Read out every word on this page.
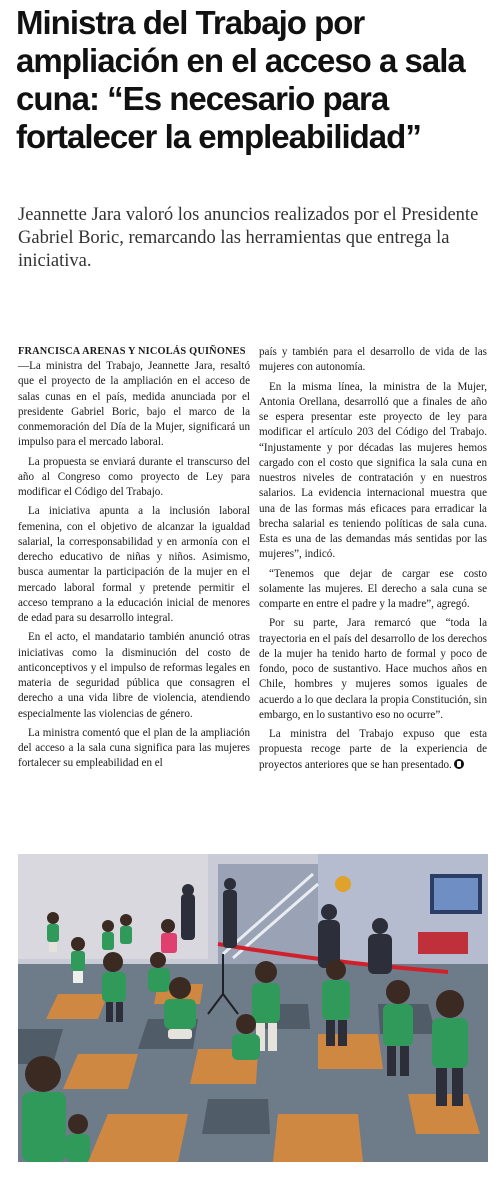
Ministra del Trabajo por ampliación en el acceso a sala cuna: “Es necesario para fortalecer la empleabilidad”

Jeannette Jara valoró los anuncios realizados por el Presidente Gabriel Boric, remarcando las herramientas que entrega la iniciativa.

FRANCISCA ARENAS Y NICOLÁS QUIÑONES

—La ministra del Trabajo, Jeannette Jara, resaltó que el proyecto de la ampliación en el acceso de salas cunas en el país, medida anunciada por el presidente Gabriel Boric, bajo el marco de la conmemoración del Día de la Mujer, significará un impulso para el mercado laboral.

La propuesta se enviará durante el transcurso del año al Congreso como proyecto de Ley para modificar el Código del Trabajo.

La iniciativa apunta a la inclusión laboral femenina, con el objetivo de alcanzar la igualdad salarial, la corresponsabilidad y en armonía con el derecho educativo de niñas y niños. Asimismo, busca aumentar la participación de la mujer en el mercado laboral formal y pretende permitir el acceso temprano a la educación inicial de menores de edad para su desarrollo integral.

En el acto, el mandatario también anunció otras iniciativas como la disminución del costo de anticonceptivos y el impulso de reformas legales en materia de seguridad pública que consagren el derecho a una vida libre de violencia, atendiendo especialmente las violencias de género.

La ministra comentó que el plan de la ampliación del acceso a la sala cuna significa para las mujeres fortalecer su empleabilidad en el

país y también para el desarrollo de vida de las mujeres con autonomía.

En la misma línea, la ministra de la Mujer, Antonia Orellana, desarrolló que a finales de año se espera presentar este proyecto de ley para modificar el artículo 203 del Código del Trabajo. “Injustamente y por décadas las mujeres hemos cargado con el costo que significa la sala cuna en nuestros niveles de contratación y en nuestros salarios. La evidencia internacional muestra que una de las formas más eficaces para erradicar la brecha salarial es teniendo políticas de sala cuna. Esta es una de las demandas más sentidas por las mujeres”, indicó.

“Tenemos que dejar de cargar ese costo solamente las mujeres. El derecho a sala cuna se comparte en entre el padre y la madre”, agregó.

Por su parte, Jara remarcó que “toda la trayectoria en el país del desarrollo de los derechos de la mujer ha tenido harto de formal y poco de fondo, poco de sustantivo. Hace muchos años en Chile, hombres y mujeres somos iguales de acuerdo a lo que declara la propia Constitución, sin embargo, en lo sustantivo eso no ocurre”.

La ministra del Trabajo expuso que esta propuesta recoge parte de la experiencia de proyectos anteriores que se han presentado.
